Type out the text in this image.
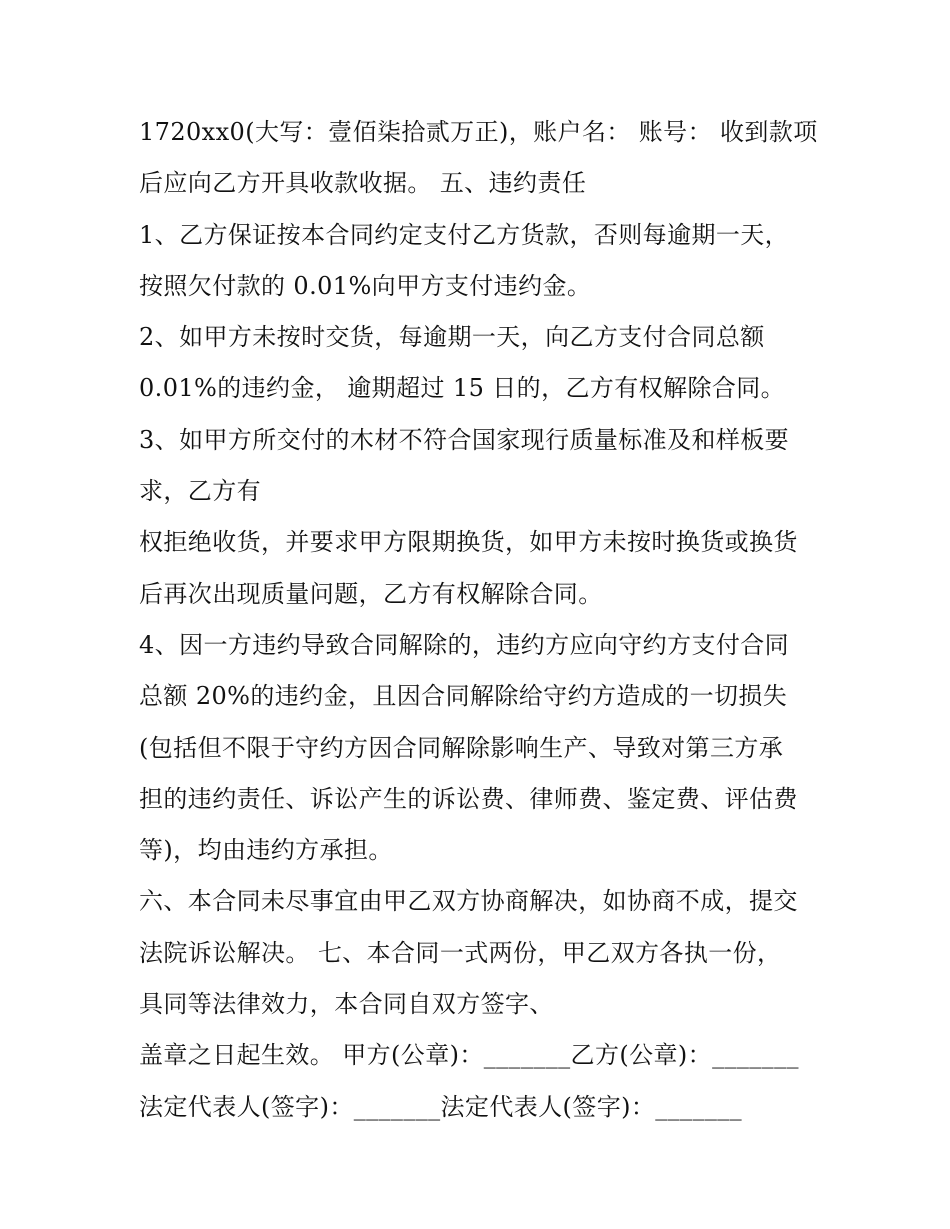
1720xx0(大写：壹佰柒拾贰万正)，账户名： 账号： 收到款项
后应向乙方开具收款收据。 五、违约责任
1、乙方保证按本合同约定支付乙方货款，否则每逾期一天，
按照欠付款的 0.01%向甲方支付违约金。
2、如甲方未按时交货，每逾期一天，向乙方支付合同总额
0.01%的违约金， 逾期超过 15 日的，乙方有权解除合同。
3、如甲方所交付的木材不符合国家现行质量标准及和样板要
求，乙方有
权拒绝收货，并要求甲方限期换货，如甲方未按时换货或换货
后再次出现质量问题，乙方有权解除合同。
4、因一方违约导致合同解除的，违约方应向守约方支付合同
总额 20%的违约金，且因合同解除给守约方造成的一切损失
(包括但不限于守约方因合同解除影响生产、导致对第三方承
担的违约责任、诉讼产生的诉讼费、律师费、鉴定费、评估费
等)，均由违约方承担。
六、本合同未尽事宜由甲乙双方协商解决，如协商不成，提交
法院诉讼解决。 七、本合同一式两份，甲乙双方各执一份，
具同等法律效力，本合同自双方签字、
盖章之日起生效。 甲方(公章)：_______乙方(公章)：_______
法定代表人(签字)：_______法定代表人(签字)：_______
